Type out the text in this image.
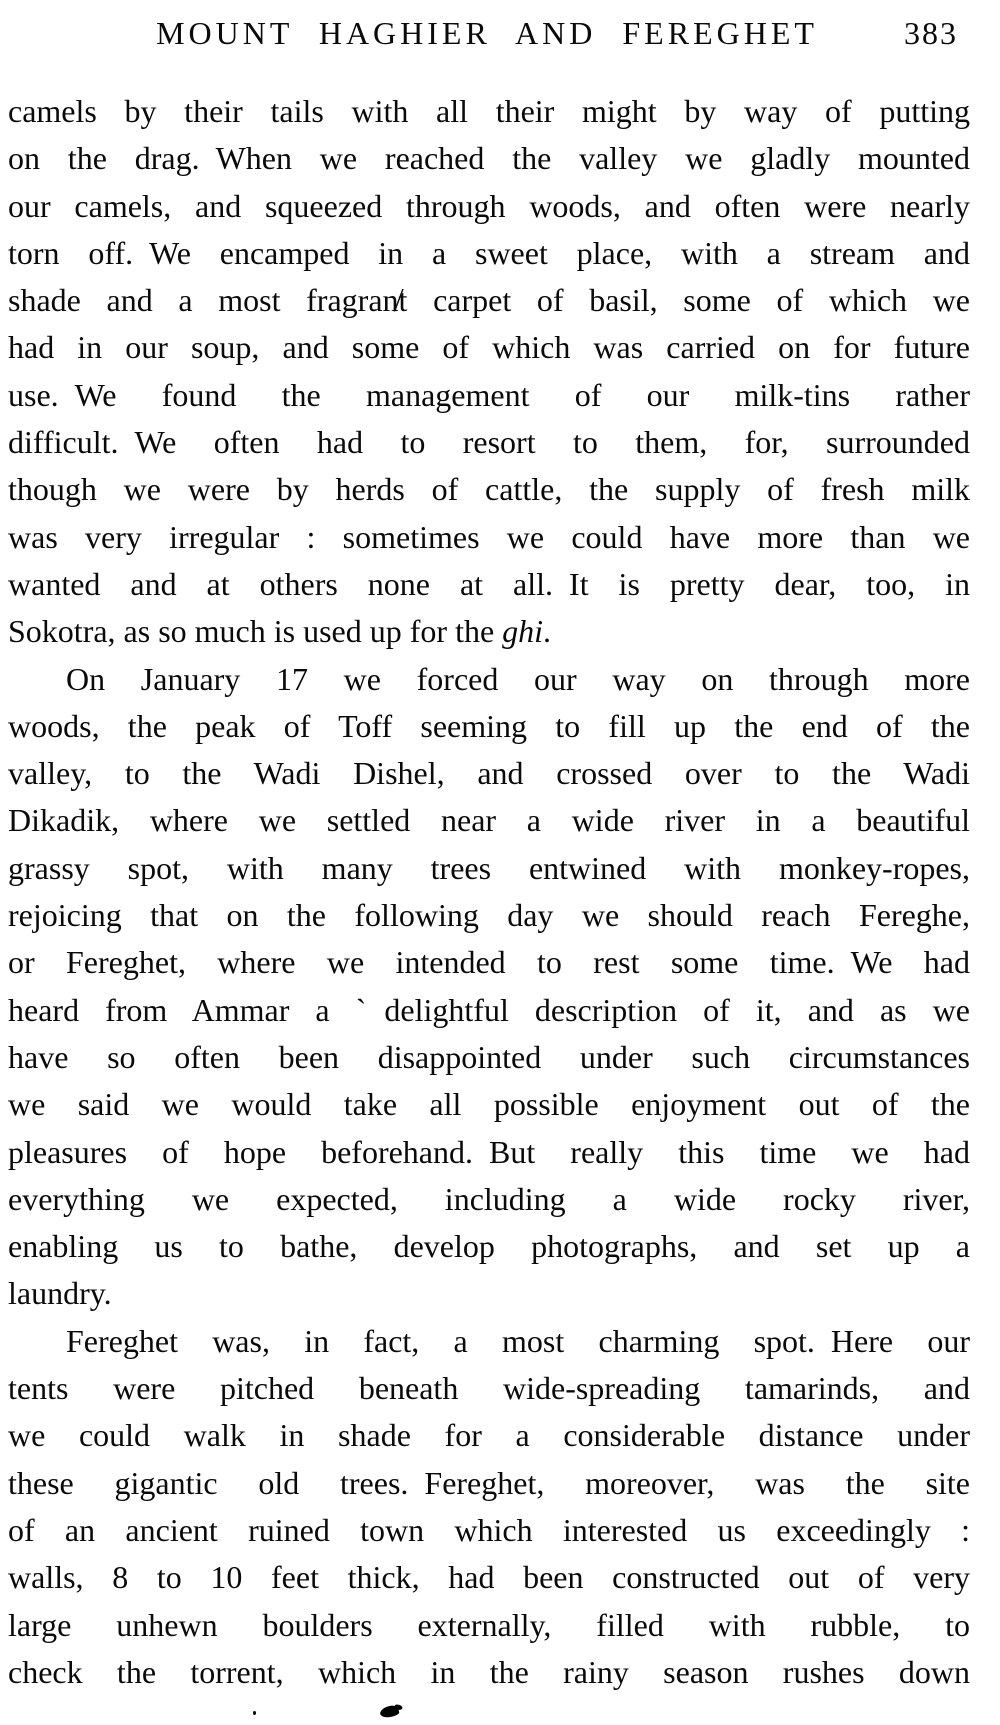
MOUNT HAGHIER AND FEREGHET	383
camels by their tails with all their might by way of putting
on the drag. When we reached the valley we gladly mounted
our camels, and squeezed through woods, and often were nearly
torn off. We encamped in a sweet place, with a stream and
shade and a most fragran̸t carpet of basil, some of which we
had in our soup, and some of which was carried on for future
use. We found the management of our milk-tins rather
difficult. We often had to resort to them, for, surrounded
though we were by herds of cattle, the supply of fresh milk
was very irregular : sometimes we could have more than we
wanted and at others none at all. It is pretty dear, too, in
Sokotra, as so much is used up for the ghi.
On January 17 we forced our way on through more
woods, the peak of Toff seeming to fill up the end of the
valley, to the Wadi Dishel, and crossed over to the Wadi
Dikadik, where we settled near a wide river in a beautiful
grassy spot, with many trees entwined with monkey-ropes,
rejoicing that on the following day we should reach Fereghe,
or Fereghet, where we intended to rest some time. We had
heard from Ammar a ˋdelightful description of it, and as we
have so often been disappointed under such circumstances
we said we would take all possible enjoyment out of the
pleasures of hope beforehand. But really this time we had
everything we expected, including a wide rocky river,
enabling us to bathe, develop photographs, and set up a
laundry.
Fereghet was, in fact, a most charming spot. Here our
tents were pitched beneath wide-spreading tamarinds, and
we could walk in shade for a considerable distance under
these gigantic old trees. Fereghet, moreover, was the site
of an ancient ruined town which interested us exceedingly :
walls, 8 to 10 feet thick, had been constructed out of very
large unhewn boulders externally, filled with rubble, to
check the torrent, which in the rainy season rushes down
